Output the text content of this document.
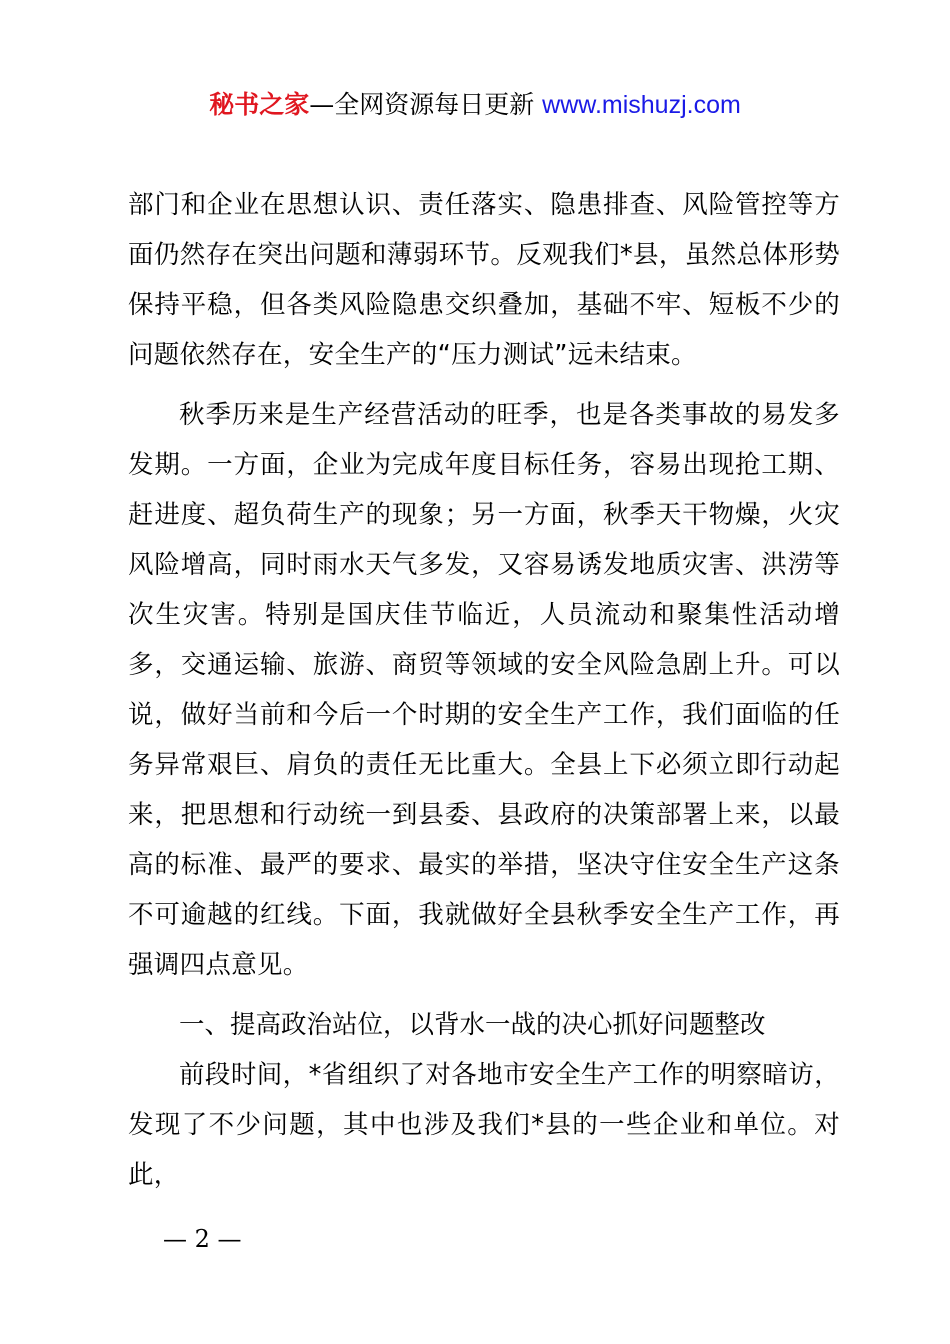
秘书之家—全网资源每日更新 www.mishuzj.com

部门和企业在思想认识、责任落实、隐患排查、风险管控等方面仍然存在突出问题和薄弱环节。反观我们*县，虽然总体形势保持平稳，但各类风险隐患交织叠加，基础不牢、短板不少的问题依然存在，安全生产的“压力测试”远未结束。

秋季历来是生产经营活动的旺季，也是各类事故的易发多发期。一方面，企业为完成年度目标任务，容易出现抢工期、赶进度、超负荷生产的现象；另一方面，秋季天干物燥，火灾风险增高，同时雨水天气多发，又容易诱发地质灾害、洪涝等次生灾害。特别是国庆佳节临近，人员流动和聚集性活动增多，交通运输、旅游、商贸等领域的安全风险急剧上升。可以说，做好当前和今后一个时期的安全生产工作，我们面临的任务异常艰巨、肩负的责任无比重大。全县上下必须立即行动起来，把思想和行动统一到县委、县政府的决策部署上来，以最高的标准、最严的要求、最实的举措，坚决守住安全生产这条不可逾越的红线。下面，我就做好全县秋季安全生产工作，再强调四点意见。

一、提高政治站位，以背水一战的决心抓好问题整改

前段时间，*省组织了对各地市安全生产工作的明察暗访，发现了不少问题，其中也涉及我们*县的一些企业和单位。对此，

— 2 —
